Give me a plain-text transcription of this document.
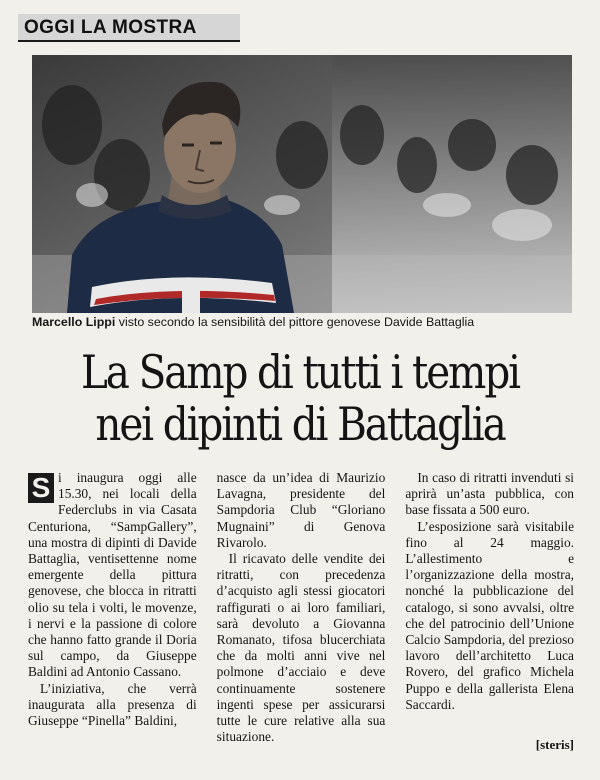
OGGI LA MOSTRA
Marcello Lippi visto secondo la sensibilità del pittore genovese Davide Battaglia
La Samp di tutti i tempi
nei dipinti di Battaglia

S i inaugura oggi alle 15.30, nei locali della Federclubs in via Casata Centuriona, “SampGallery”, una mostra di dipinti di Davide Battaglia, ventisettenne nome emergente della pittura genovese, che blocca in ritratti olio su tela i volti, le movenze, i nervi e la passione di colore che hanno fatto grande il Doria sul campo, da Giuseppe Baldini ad Antonio Cassano.

L’iniziativa, che verrà inaugurata alla presenza di Giuseppe “Pinella” Baldini,

nasce da un’idea di Maurizio Lavagna, presidente del Sampdoria Club “Gloriano Mugnaini” di Genova Rivarolo.

Il ricavato delle vendite dei ritratti, con precedenza d’acquisto agli stessi giocatori raffigurati o ai loro familiari, sarà devoluto a Giovanna Romanato, tifosa blucerchiata che da molti anni vive nel polmone d’acciaio e deve continuamente sostenere ingenti spese per assicurarsi tutte le cure relative alla sua situazione.

In caso di ritratti invenduti si aprirà un’asta pubblica, con base fissata a 500 euro.

L’esposizione sarà visitabile fino al 24 maggio. L’allestimento e l’organizzazione della mostra, nonché la pubblicazione del catalogo, si sono avvalsi, oltre che del patrocinio dell’Unione Calcio Sampdoria, del prezioso lavoro dell’architetto Luca Rovero, del grafico Michela Puppo e della gallerista Elena Saccardi.

[steris]
